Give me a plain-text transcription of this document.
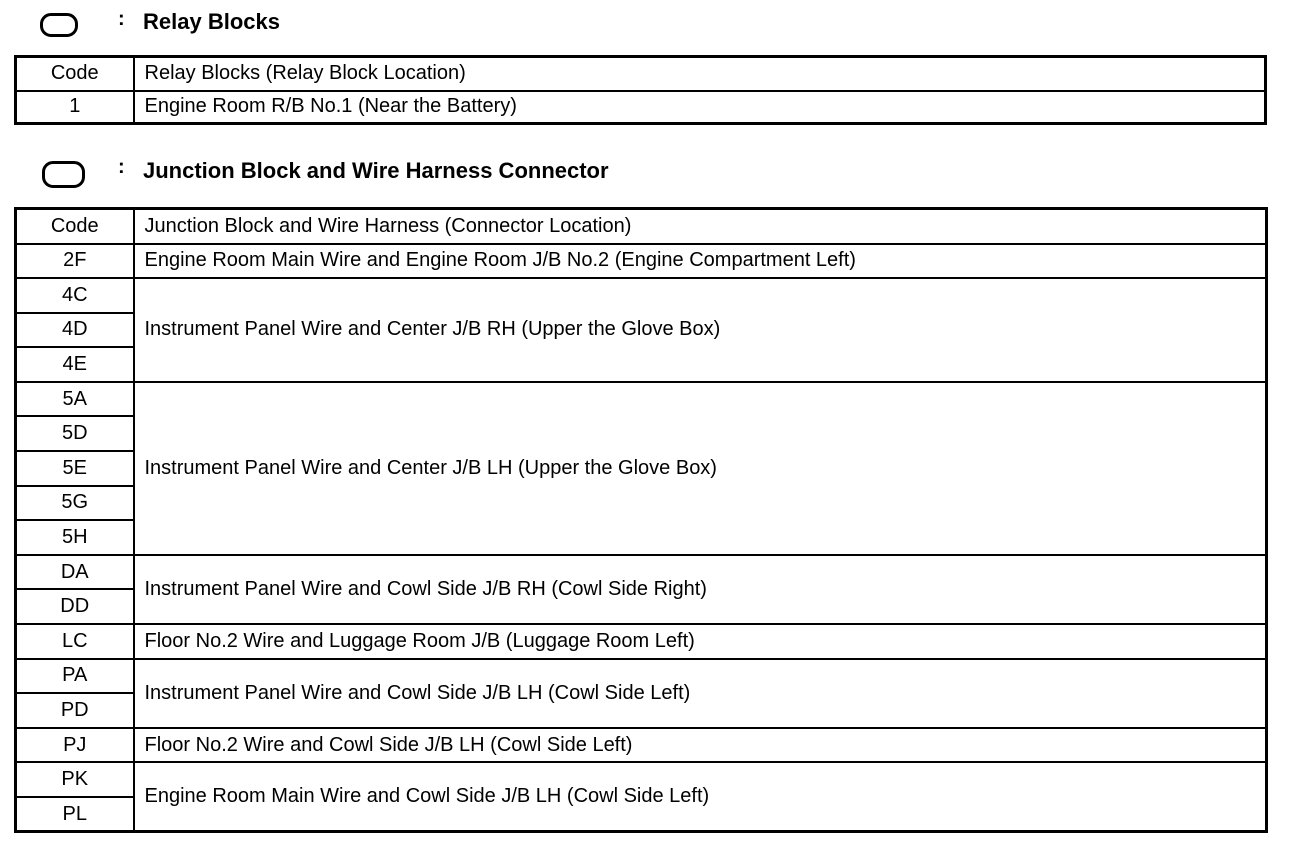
: Relay Blocks
Code	Relay Blocks (Relay Block Location)
1	Engine Room R/B No.1 (Near the Battery)
: Junction Block and Wire Harness Connector
Code	Junction Block and Wire Harness (Connector Location)
2F	Engine Room Main Wire and Engine Room J/B No.2 (Engine Compartment Left)
4C	Instrument Panel Wire and Center J/B RH (Upper the Glove Box)
4D	
4E	
5A	Instrument Panel Wire and Center J/B LH (Upper the Glove Box)
5D	
5E	
5G	
5H	
DA	Instrument Panel Wire and Cowl Side J/B RH (Cowl Side Right)
DD	
LC	Floor No.2 Wire and Luggage Room J/B (Luggage Room Left)
PA	Instrument Panel Wire and Cowl Side J/B LH (Cowl Side Left)
PD	
PJ	Floor No.2 Wire and Cowl Side J/B LH (Cowl Side Left)
PK	Engine Room Main Wire and Cowl Side J/B LH (Cowl Side Left)
PL	
